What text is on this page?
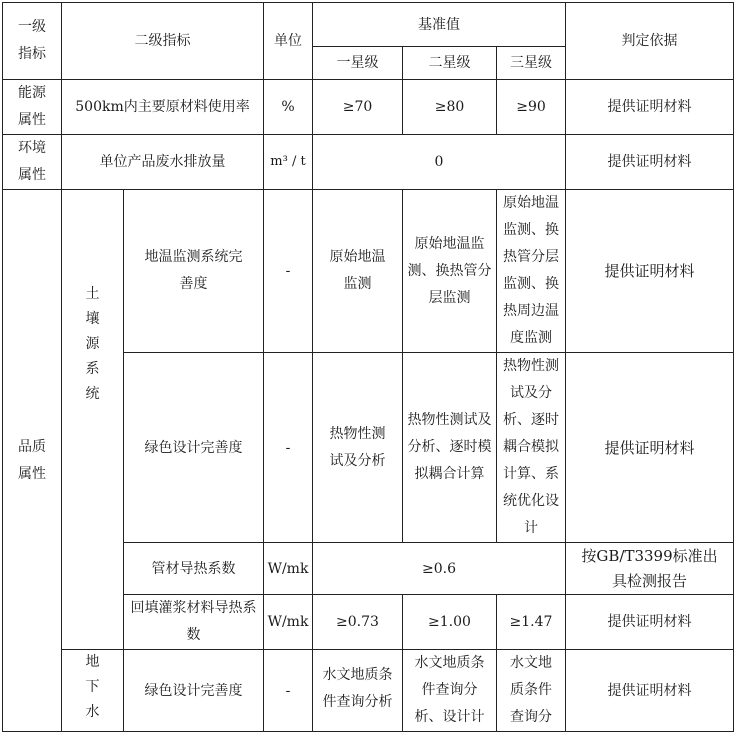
一级指标	二级指标		单位	基准值			判定依据
				一星级	二星级	三星级	
能源属性	500km内主要原材料使用率		%	≥70	≥80	≥90	提供证明材料
环境属性	单位产品废水排放量		m³ / t	0			提供证明材料
品质属性	土壤源系统	地温监测系统完善度	-	原始地温监测	原始地温监测、换热管分层监测	原始地温监测、换热管分层监测、换热周边温度监测	提供证明材料
		绿色设计完善度	-	热物性测试及分析	热物性测试及分析、逐时模拟耦合计算	热物性测试及分析、逐时耦合模拟计算、系统优化设计	提供证明材料
		管材导热系数	W/mk	≥0.6			按GB/T3399标准出具检测报告
		回填灌浆材料导热系数	W/mk	≥0.73	≥1.00	≥1.47	提供证明材料
	地下水	绿色设计完善度	-	水文地质条件查询分析	水文地质条件查询分析、设计计	水文地质条件查询分	提供证明材料
